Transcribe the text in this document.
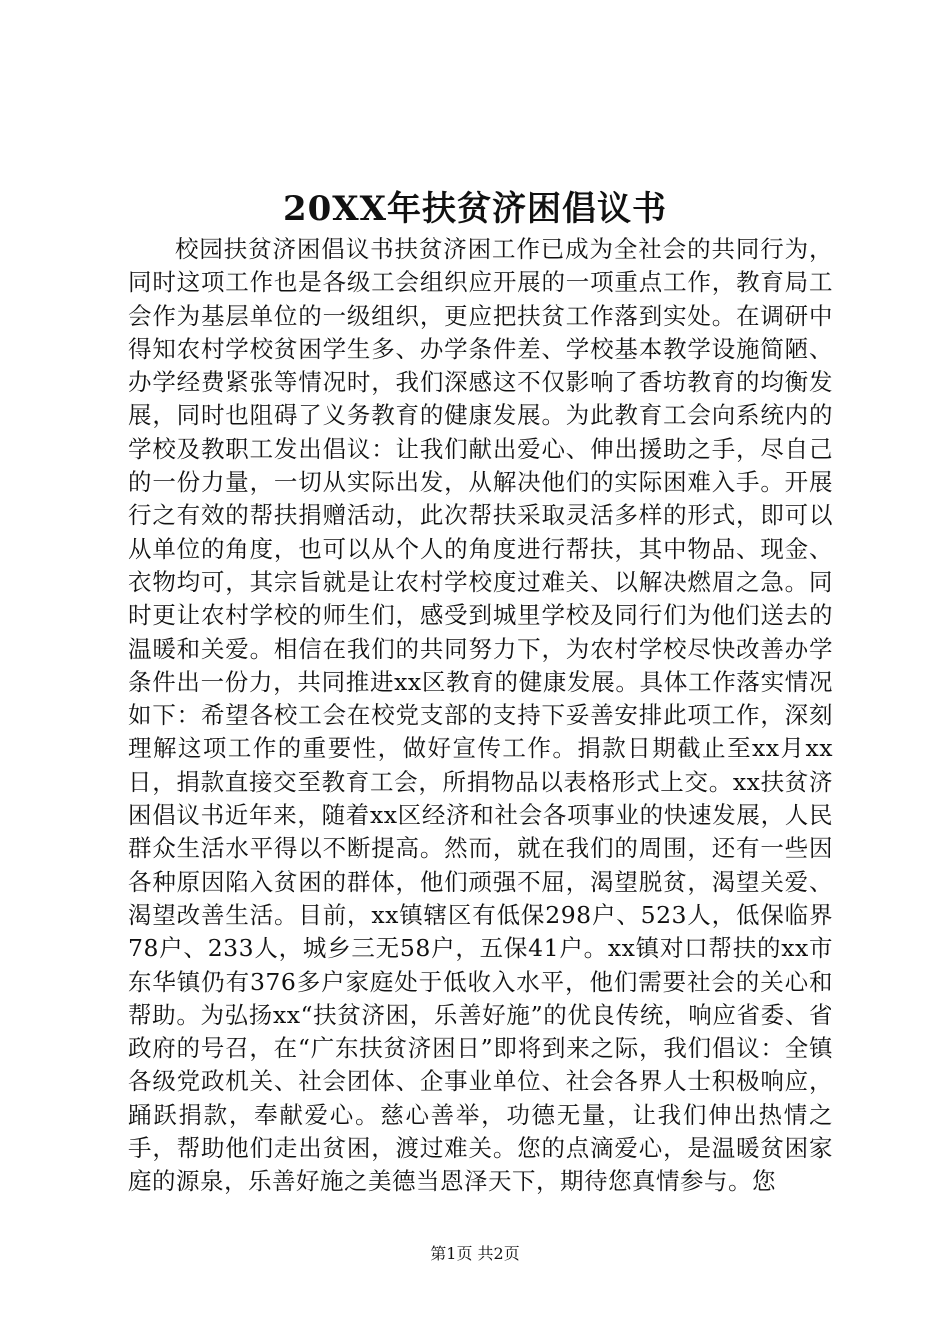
20XX年扶贫济困倡议书

校园扶贫济困倡议书扶贫济困工作已成为全社会的共同行为，同时这项工作也是各级工会组织应开展的一项重点工作，教育局工会作为基层单位的一级组织，更应把扶贫工作落到实处。在调研中得知农村学校贫困学生多、办学条件差、学校基本教学设施简陋、办学经费紧张等情况时，我们深感这不仅影响了香坊教育的均衡发展，同时也阻碍了义务教育的健康发展。为此教育工会向系统内的学校及教职工发出倡议：让我们献出爱心、伸出援助之手，尽自己的一份力量，一切从实际出发，从解决他们的实际困难入手。开展行之有效的帮扶捐赠活动，此次帮扶采取灵活多样的形式，即可以从单位的角度，也可以从个人的角度进行帮扶，其中物品、现金、衣物均可，其宗旨就是让农村学校度过难关、以解决燃眉之急。同时更让农村学校的师生们，感受到城里学校及同行们为他们送去的温暖和关爱。相信在我们的共同努力下，为农村学校尽快改善办学条件出一份力，共同推进xx区教育的健康发展。具体工作落实情况如下：希望各校工会在校党支部的支持下妥善安排此项工作，深刻理解这项工作的重要性，做好宣传工作。捐款日期截止至xx月xx日，捐款直接交至教育工会，所捐物品以表格形式上交。xx扶贫济困倡议书近年来，随着xx区经济和社会各项事业的快速发展，人民群众生活水平得以不断提高。然而，就在我们的周围，还有一些因各种原因陷入贫困的群体，他们顽强不屈，渴望脱贫，渴望关爱、渴望改善生活。目前，xx镇辖区有低保298户、523人，低保临界78户、233人，城乡三无58户，五保41户。xx镇对口帮扶的xx市东华镇仍有376多户家庭处于低收入水平，他们需要社会的关心和帮助。为弘扬xx“扶贫济困，乐善好施”的优良传统，响应省委、省政府的号召，在“广东扶贫济困日”即将到来之际，我们倡议：全镇各级党政机关、社会团体、企事业单位、社会各界人士积极响应，踊跃捐款，奉献爱心。慈心善举，功德无量，让我们伸出热情之手，帮助他们走出贫困，渡过难关。您的点滴爱心，是温暖贫困家庭的源泉，乐善好施之美德当恩泽天下，期待您真情参与。您

第1页 共2页
